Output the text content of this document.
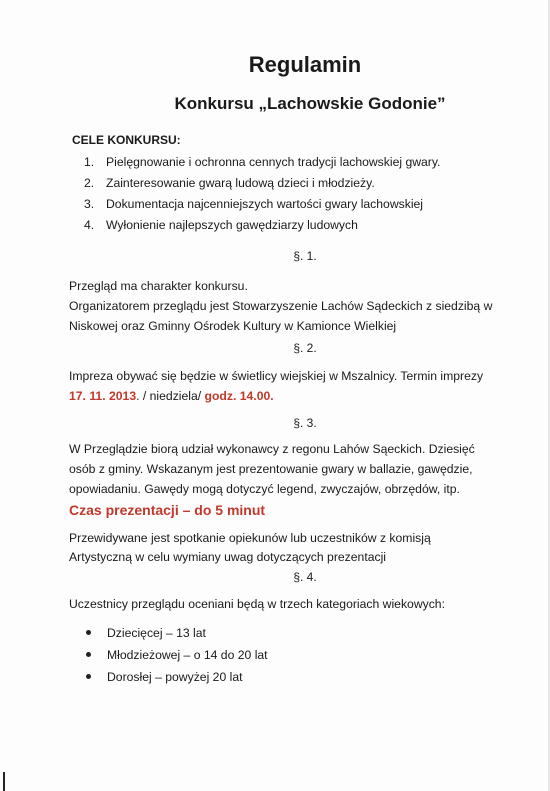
Regulamin
Konkursu „Lachowskie Godonie”
CELE KONKURSU:
1. Pielęgnowanie i ochronna cennych tradycji lachowskiej gwary.
2. Zainteresowanie gwarą ludową dzieci i młodzieży.
3. Dokumentacja najcenniejszych wartości gwary lachowskiej
4. Wyłonienie najlepszych gawędziarzy ludowych
§. 1.
Przegląd ma charakter konkursu.
Organizatorem przeglądu jest Stowarzyszenie Lachów Sądeckich z siedzibą w
Niskowej oraz Gminny Ośrodek Kultury w Kamionce Wielkiej
§. 2.
Impreza obywać się będzie w świetlicy wiejskiej w Mszalnicy. Termin imprezy
17. 11. 2013. / niedziela/ godz. 14.00.
§. 3.
W Przeglądzie biorą udział wykonawcy z regonu Lahów Sąeckich. Dziesięć
osób z gminy. Wskazanym jest prezentowanie gwary w ballazie, gawędzie,
opowiadaniu. Gawędy mogą dotyczyć legend, zwyczajów, obrzędów, itp.
Czas prezentacji – do 5 minut
Przewidywane jest spotkanie opiekunów lub uczestników z komisją
Artystyczną w celu wymiany uwag dotyczących prezentacji
§. 4.
Uczestnicy przeglądu oceniani będą w trzech kategoriach wiekowych:
Dziecięcej – 13 lat
Młodzieżowej – o 14 do 20 lat
Dorosłej – powyżej 20 lat
